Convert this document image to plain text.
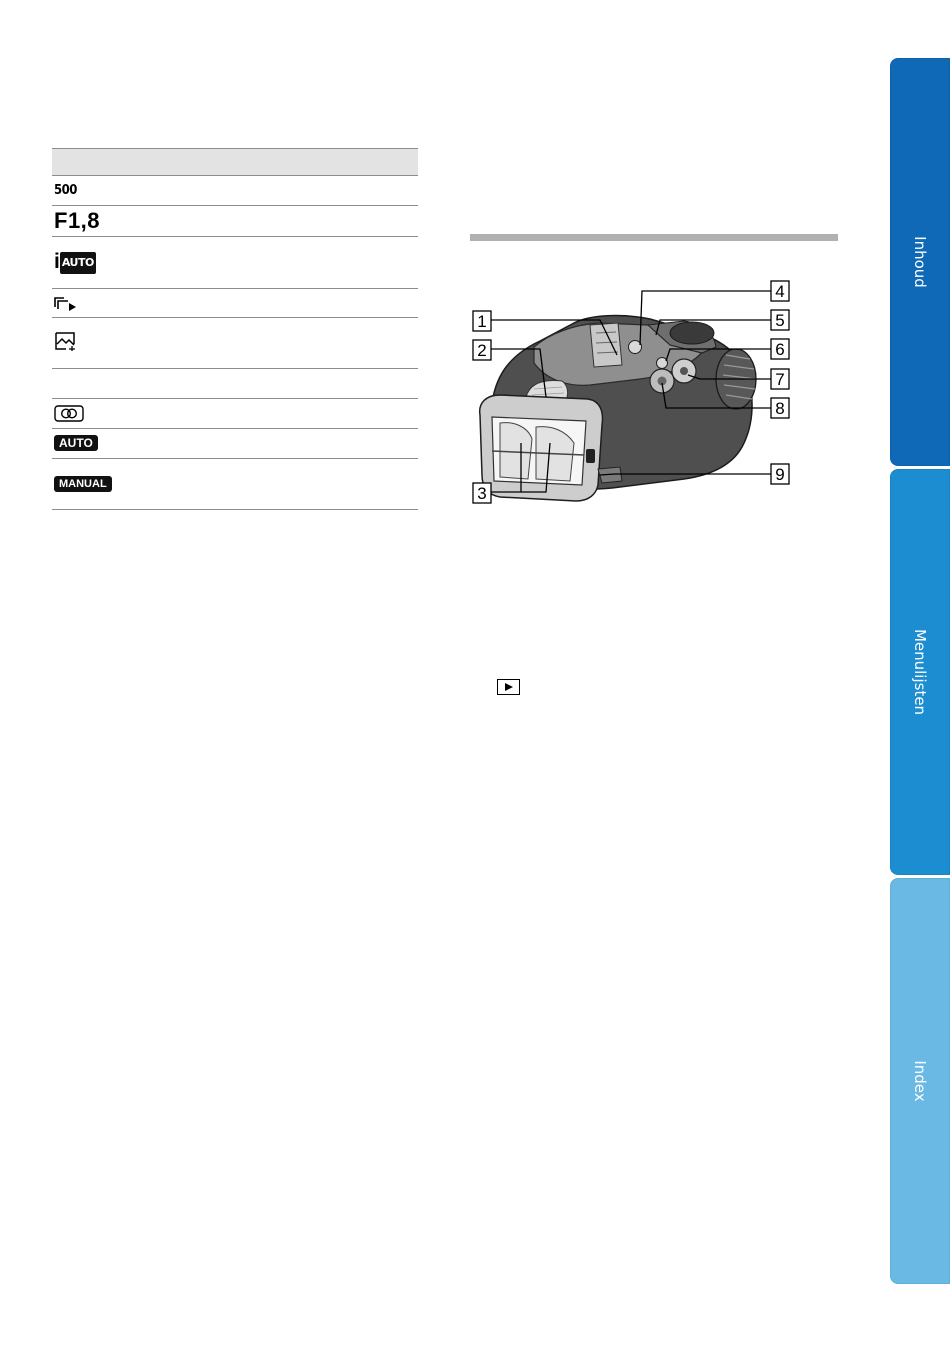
500
F1,8
i AUTO
AUTO
MANUAL
1
2
3
4
5
6
7
8
9
Inhoud
Menulijsten
Index
